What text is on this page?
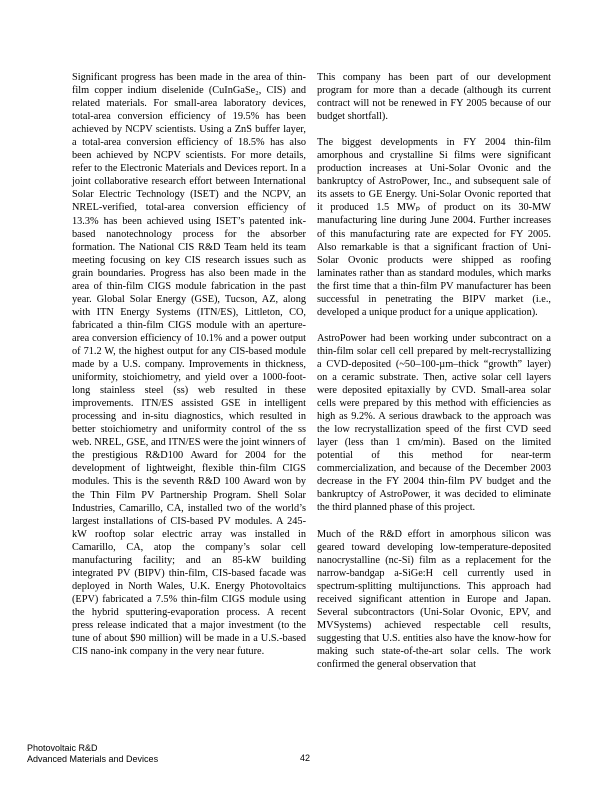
Significant progress has been made in the area of thin-film copper indium diselenide (CuInGaSe₂, CIS) and related materials. For small-area laboratory devices, total-area conversion efficiency of 19.5% has been achieved by NCPV scientists. Using a ZnS buffer layer, a total-area conversion efficiency of 18.5% has also been achieved by NCPV scientists. For more details, refer to the Electronic Materials and Devices report. In a joint collaborative research effort between International Solar Electric Technology (ISET) and the NCPV, an NREL-verified, total-area conversion efficiency of 13.3% has been achieved using ISET’s patented ink-based nanotechnology process for the absorber formation. The National CIS R&D Team held its team meeting focusing on key CIS research issues such as grain boundaries. Progress has also been made in the area of thin-film CIGS module fabrication in the past year. Global Solar Energy (GSE), Tucson, AZ, along with ITN Energy Systems (ITN/ES), Littleton, CO, fabricated a thin-film CIGS module with an aperture-area conversion efficiency of 10.1% and a power output of 71.2 W, the highest output for any CIS-based module made by a U.S. company. Improvements in thickness, uniformity, stoichiometry, and yield over a 1000-foot-long stainless steel (ss) web resulted in these improvements. ITN/ES assisted GSE in intelligent processing and in-situ diagnostics, which resulted in better stoichiometry and uniformity control of the ss web. NREL, GSE, and ITN/ES were the joint winners of the prestigious R&D100 Award for 2004 for the development of lightweight, flexible thin-film CIGS modules. This is the seventh R&D 100 Award won by the Thin Film PV Partnership Program. Shell Solar Industries, Camarillo, CA, installed two of the world’s largest installations of CIS-based PV modules. A 245-kW rooftop solar electric array was installed in Camarillo, CA, atop the company’s solar cell manufacturing facility; and an 85-kW building integrated PV (BIPV) thin-film, CIS-based facade was deployed in North Wales, U.K. Energy Photovoltaics (EPV) fabricated a 7.5% thin-film CIGS module using the hybrid sputtering-evaporation process. A recent press release indicated that a major investment (to the tune of about $90 million) will be made in a U.S.-based CIS nano-ink company in the very near future.

This company has been part of our development program for more than a decade (although its current contract will not be renewed in FY 2005 because of our budget shortfall).

The biggest developments in FY 2004 thin-film amorphous and crystalline Si films were significant production increases at Uni-Solar Ovonic and the bankruptcy of AstroPower, Inc., and subsequent sale of its assets to GE Energy. Uni-Solar Ovonic reported that it produced 1.5 MWₚ of product on its 30-MW manufacturing line during June 2004. Further increases of this manufacturing rate are expected for FY 2005. Also remarkable is that a significant fraction of Uni-Solar Ovonic products were shipped as roofing laminates rather than as standard modules, which marks the first time that a thin-film PV manufacturer has been successful in penetrating the BIPV market (i.e., developed a unique product for a unique application).

AstroPower had been working under subcontract on a thin-film solar cell cell prepared by melt-recrystallizing a CVD-deposited (~50–100-µm–thick “growth” layer) on a ceramic substrate. Then, active solar cell layers were deposited epitaxially by CVD. Small-area solar cells were prepared by this method with efficiencies as high as 9.2%. A serious drawback to the approach was the low recrystallization speed of the first CVD seed layer (less than 1 cm/min). Based on the limited potential of this method for near-term commercialization, and because of the December 2003 decrease in the FY 2004 thin-film PV budget and the bankruptcy of AstroPower, it was decided to eliminate the third planned phase of this project.

Much of the R&D effort in amorphous silicon was geared toward developing low-temperature-deposited nanocrystalline (nc-Si) film as a replacement for the narrow-bandgap a-SiGe:H cell currently used in spectrum-splitting multijunctions. This approach had received significant attention in Europe and Japan. Several subcontractors (Uni-Solar Ovonic, EPV, and MVSystems) achieved respectable cell results, suggesting that U.S. entities also have the know-how for making such state-of-the-art solar cells. The work confirmed the general observation that

Photovoltaic R&D
Advanced Materials and Devices	42
